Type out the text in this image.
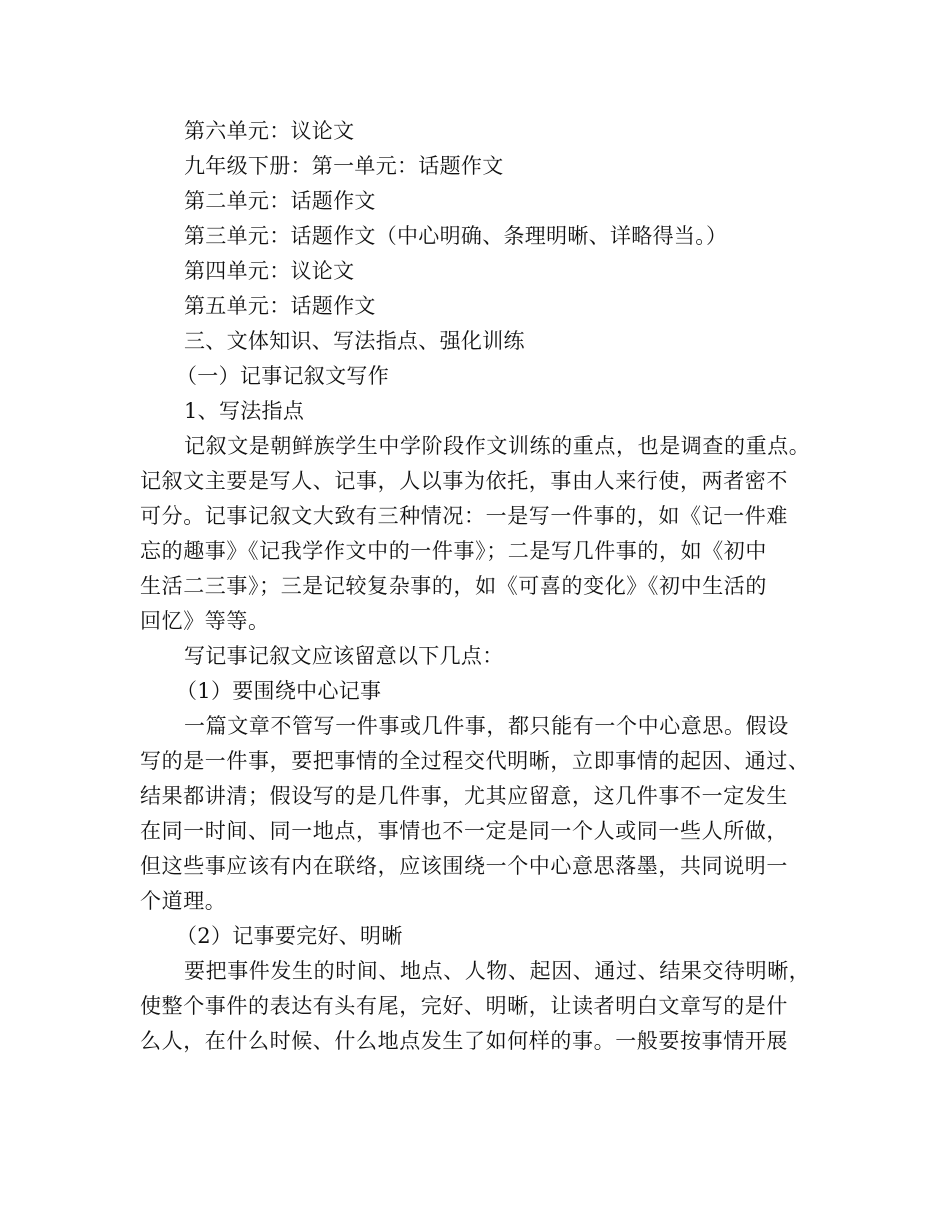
第六单元：议论文
九年级下册：第一单元：话题作文
第二单元：话题作文
第三单元：话题作文（中心明确、条理明晰、详略得当。）
第四单元：议论文
第五单元：话题作文
三、文体知识、写法指点、强化训练
（一）记事记叙文写作
1、写法指点
记叙文是朝鲜族学生中学阶段作文训练的重点，也是调查的重点。
记叙文主要是写人、记事，人以事为依托，事由人来行使，两者密不
可分。记事记叙文大致有三种情况：一是写一件事的，如《记一件难
忘的趣事》《记我学作文中的一件事》；二是写几件事的，如《初中
生活二三事》；三是记较复杂事的，如《可喜的变化》《初中生活的
回忆》等等。
写记事记叙文应该留意以下几点：
（1）要围绕中心记事
一篇文章不管写一件事或几件事，都只能有一个中心意思。假设
写的是一件事，要把事情的全过程交代明晰，立即事情的起因、通过、
结果都讲清；假设写的是几件事，尤其应留意，这几件事不一定发生
在同一时间、同一地点，事情也不一定是同一个人或同一些人所做，
但这些事应该有内在联络，应该围绕一个中心意思落墨，共同说明一
个道理。
（2）记事要完好、明晰
要把事件发生的时间、地点、人物、起因、通过、结果交待明晰，
使整个事件的表达有头有尾，完好、明晰，让读者明白文章写的是什
么人，在什么时候、什么地点发生了如何样的事。一般要按事情开展
